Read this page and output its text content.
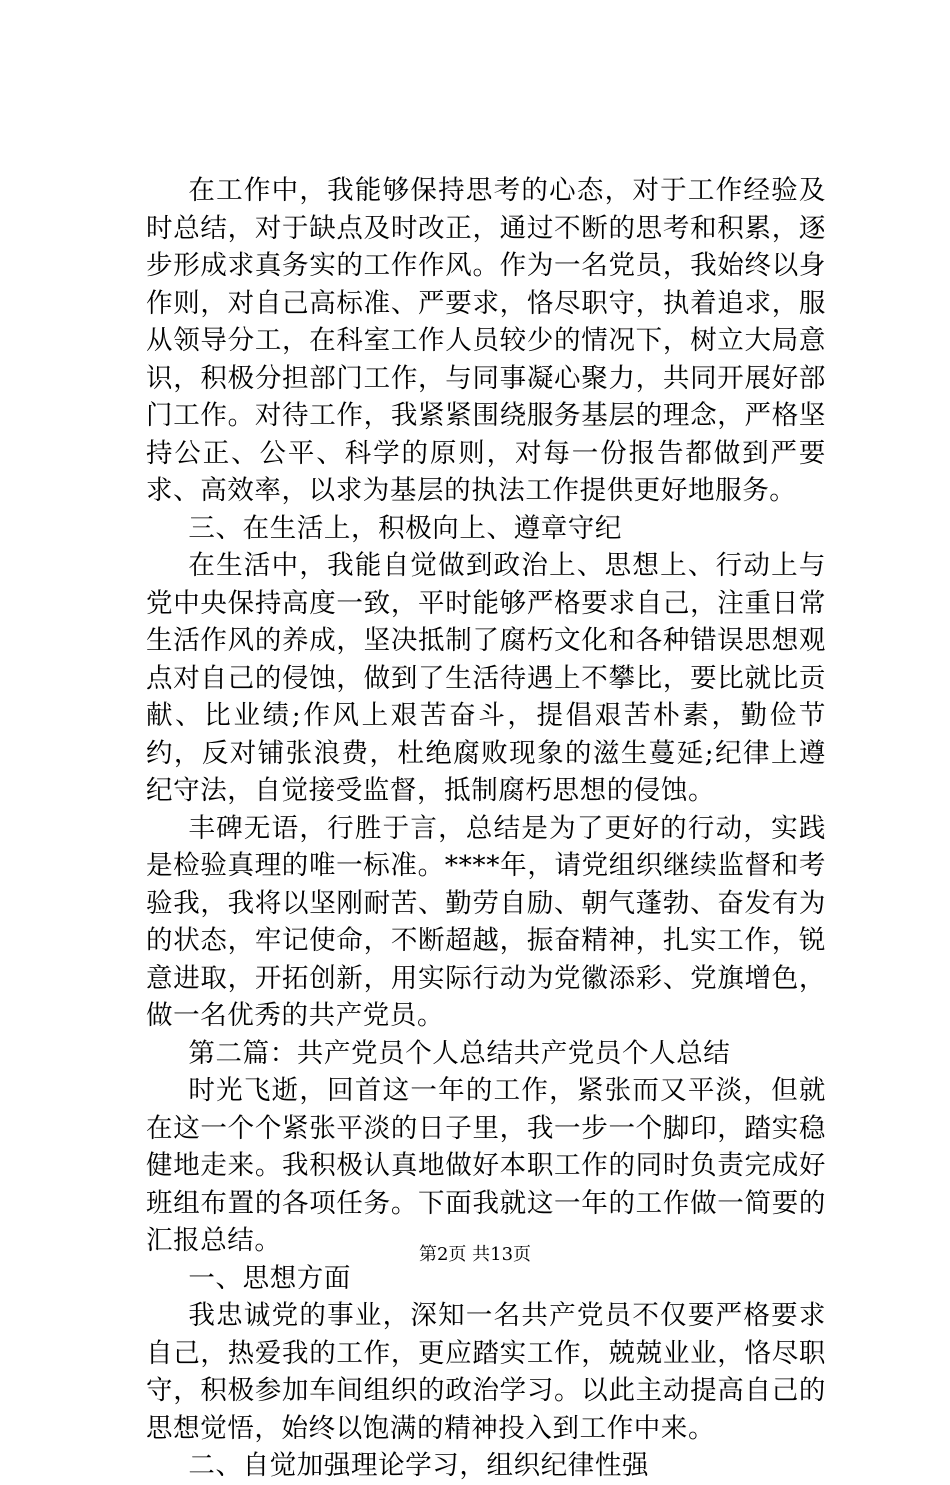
在工作中，我能够保持思考的心态，对于工作经验及时总结，对于缺点及时改正，通过不断的思考和积累，逐步形成求真务实的工作作风。作为一名党员，我始终以身作则，对自己高标准、严要求，恪尽职守，执着追求，服从领导分工，在科室工作人员较少的情况下，树立大局意识，积极分担部门工作，与同事凝心聚力，共同开展好部门工作。对待工作，我紧紧围绕服务基层的理念，严格坚持公正、公平、科学的原则，对每一份报告都做到严要求、高效率，以求为基层的执法工作提供更好地服务。

三、在生活上，积极向上、遵章守纪

在生活中，我能自觉做到政治上、思想上、行动上与党中央保持高度一致，平时能够严格要求自己，注重日常生活作风的养成，坚决抵制了腐朽文化和各种错误思想观点对自己的侵蚀，做到了生活待遇上不攀比，要比就比贡献、比业绩;作风上艰苦奋斗，提倡艰苦朴素，勤俭节约，反对铺张浪费，杜绝腐败现象的滋生蔓延;纪律上遵纪守法，自觉接受监督，抵制腐朽思想的侵蚀。

丰碑无语，行胜于言，总结是为了更好的行动，实践是检验真理的唯一标准。****年，请党组织继续监督和考验我，我将以坚刚耐苦、勤劳自励、朝气蓬勃、奋发有为的状态，牢记使命，不断超越，振奋精神，扎实工作，锐意进取，开拓创新，用实际行动为党徽添彩、党旗增色，做一名优秀的共产党员。

第二篇：共产党员个人总结共产党员个人总结

时光飞逝，回首这一年的工作，紧张而又平淡，但就在这一个个紧张平淡的日子里，我一步一个脚印，踏实稳健地走来。我积极认真地做好本职工作的同时负责完成好班组布置的各项任务。下面我就这一年的工作做一简要的汇报总结。

一、思想方面

我忠诚党的事业，深知一名共产党员不仅要严格要求自己，热爱我的工作，更应踏实工作，兢兢业业，恪尽职守，积极参加车间组织的政治学习。以此主动提高自己的思想觉悟，始终以饱满的精神投入到工作中来。

二、自觉加强理论学习，组织纪律性强

第2页 共13页
